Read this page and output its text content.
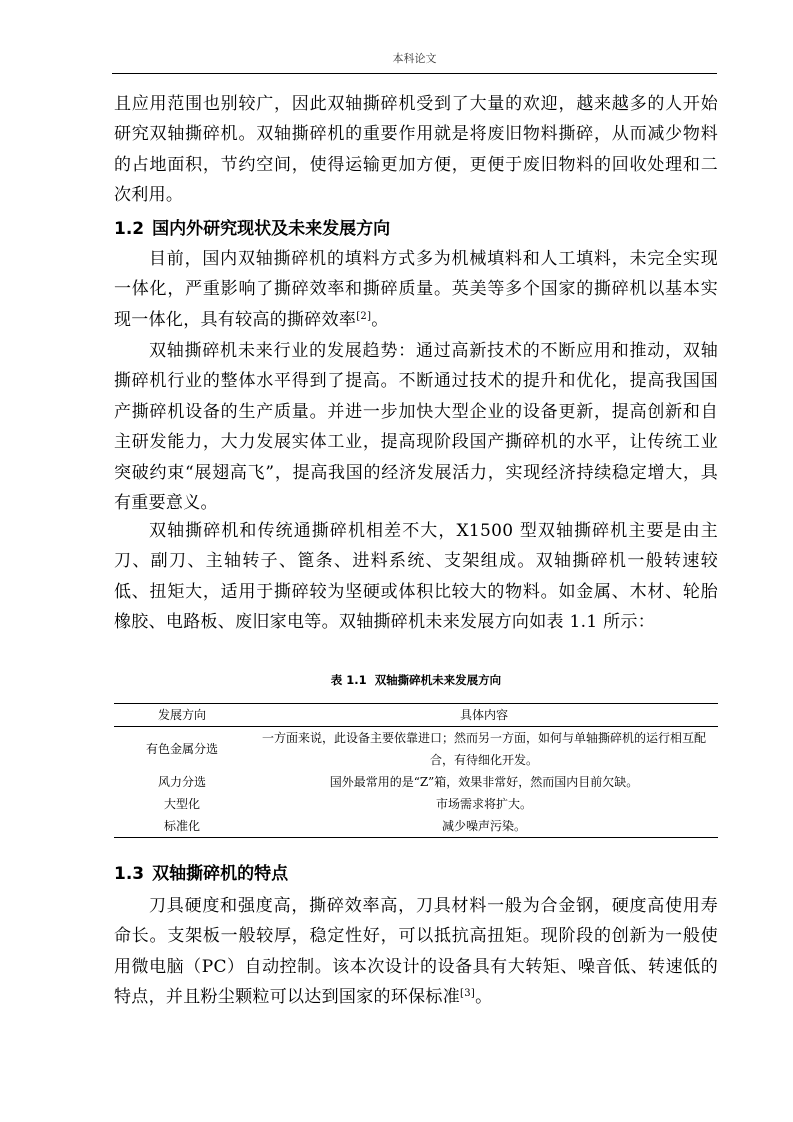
本科论文

且应用范围也别较广，因此双轴撕碎机受到了大量的欢迎，越来越多的人开始研究双轴撕碎机。双轴撕碎机的重要作用就是将废旧物料撕碎，从而减少物料的占地面积，节约空间，使得运输更加方便，更便于废旧物料的回收处理和二次利用。

1.2 国内外研究现状及未来发展方向

目前，国内双轴撕碎机的填料方式多为机械填料和人工填料，未完全实现一体化，严重影响了撕碎效率和撕碎质量。英美等多个国家的撕碎机以基本实现一体化，具有较高的撕碎效率[2]。

双轴撕碎机未来行业的发展趋势：通过高新技术的不断应用和推动，双轴撕碎机行业的整体水平得到了提高。不断通过技术的提升和优化，提高我国国产撕碎机设备的生产质量。并进一步加快大型企业的设备更新，提高创新和自主研发能力，大力发展实体工业，提高现阶段国产撕碎机的水平，让传统工业突破约束“展翅高飞”，提高我国的经济发展活力，实现经济持续稳定增大，具有重要意义。

双轴撕碎机和传统通撕碎机相差不大，X1500 型双轴撕碎机主要是由主刀、副刀、主轴转子、篦条、进料系统、支架组成。双轴撕碎机一般转速较低、扭矩大，适用于撕碎较为坚硬或体积比较大的物料。如金属、木材、轮胎橡胶、电路板、废旧家电等。双轴撕碎机未来发展方向如表 1.1 所示：

表 1.1 双轴撕碎机未来发展方向
发展方向	具体内容
有色金属分选	一方面来说，此设备主要依靠进口；然而另一方面，如何与单轴撕碎机的运行相互配合，有待细化开发。
风力分选	国外最常用的是“Z”箱，效果非常好，然而国内目前欠缺。
大型化	市场需求将扩大。
标准化	减少噪声污染。
1.3 双轴撕碎机的特点

刀具硬度和强度高，撕碎效率高，刀具材料一般为合金钢，硬度高使用寿命长。支架板一般较厚，稳定性好，可以抵抗高扭矩。现阶段的创新为一般使用微电脑（PC）自动控制。该本次设计的设备具有大转矩、噪音低、转速低的特点，并且粉尘颗粒可以达到国家的环保标准[3]。
